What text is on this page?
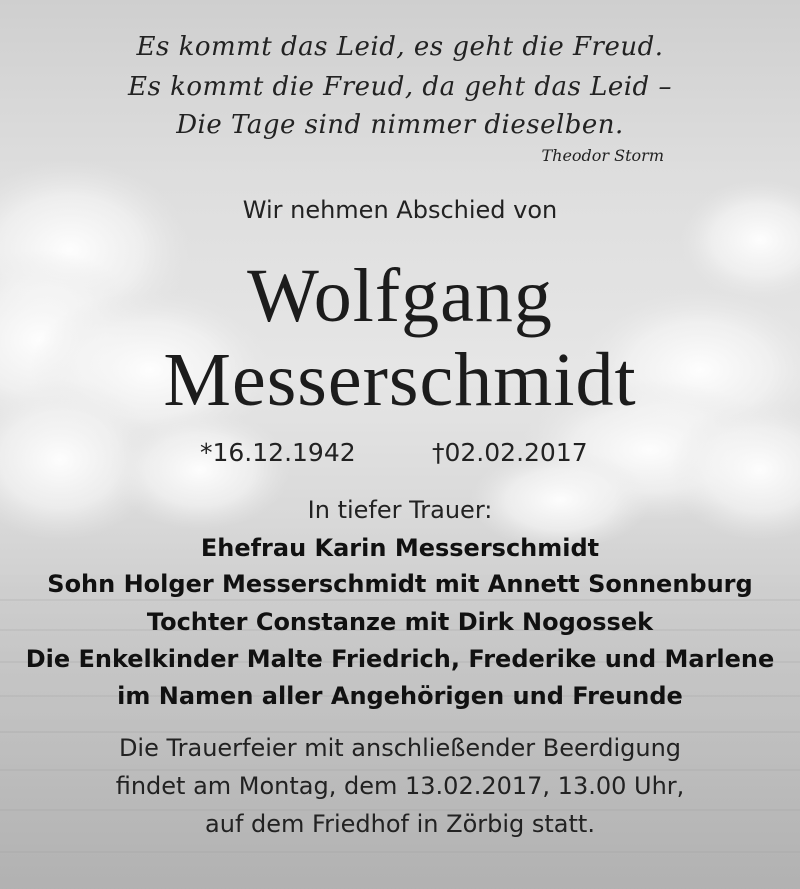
Es kommt das Leid, es geht die Freud.
Es kommt die Freud, da geht das Leid –
Die Tage sind nimmer dieselben.
Theodor Storm
Wir nehmen Abschied von
Wolfgang
Messerschmidt
*16.12.1942	†02.02.2017
In tiefer Trauer:
Ehefrau Karin Messerschmidt
Sohn Holger Messerschmidt mit Annett Sonnenburg
Tochter Constanze mit Dirk Nogossek
Die Enkelkinder Malte Friedrich, Frederike und Marlene
im Namen aller Angehörigen und Freunde
Die Trauerfeier mit anschließender Beerdigung
findet am Montag, dem 13.02.2017, 13.00 Uhr,
auf dem Friedhof in Zörbig statt.
